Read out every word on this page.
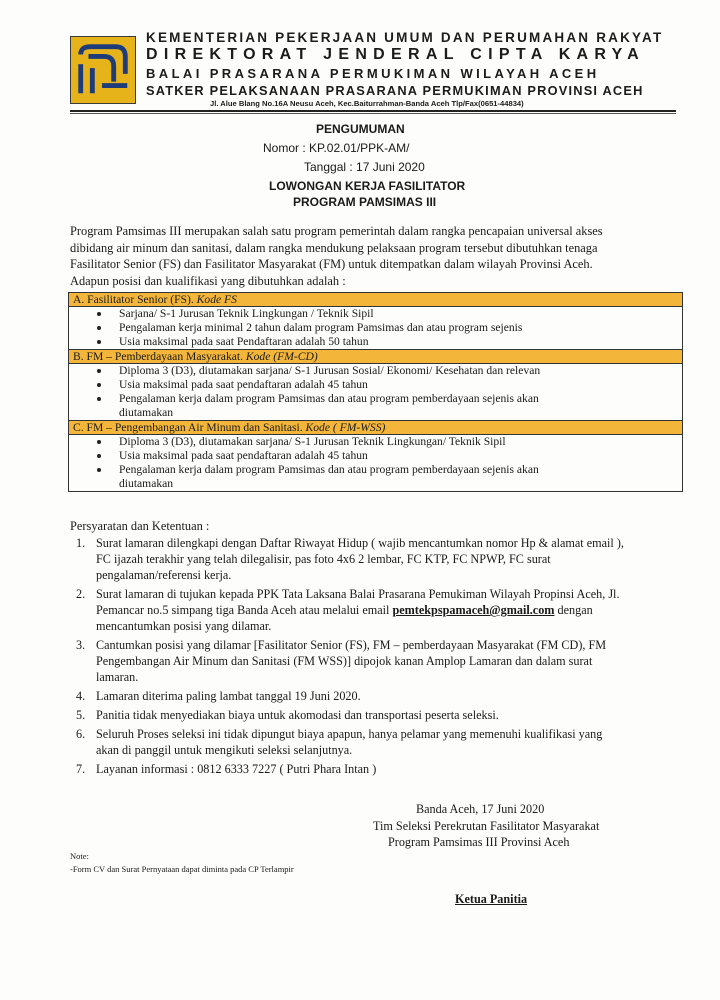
KEMENTERIAN PEKERJAAN UMUM DAN PERUMAHAN RAKYAT
DIREKTORAT JENDERAL CIPTA KARYA
BALAI PRASARANA PERMUKIMAN WILAYAH ACEH
SATKER PELAKSANAAN PRASARANA PERMUKIMAN PROVINSI ACEH
Jl. Alue Blang No.16A Neusu Aceh, Kec.Baiturrahman-Banda Aceh Tlp/Fax(0651-44834)
PENGUMUMAN
Nomor : KP.02.01/PPK-AM/
Tanggal : 17 Juni 2020
LOWONGAN KERJA FASILITATOR
PROGRAM PAMSIMAS III
Program Pamsimas III merupakan salah satu program pemerintah dalam rangka pencapaian universal akses
dibidang air minum dan sanitasi, dalam rangka mendukung pelaksaan program tersebut dibutuhkan tenaga
Fasilitator Senior (FS) dan Fasilitator Masyarakat (FM) untuk ditempatkan dalam wilayah Provinsi Aceh.
Adapun posisi dan kualifikasi yang dibutuhkan adalah :
A. Fasilitator Senior (FS). Kode FS
Sarjana/ S-1 Jurusan Teknik Lingkungan / Teknik Sipil
Pengalaman kerja minimal 2 tahun dalam program Pamsimas dan atau program sejenis
Usia maksimal pada saat Pendaftaran adalah 50 tahun
B. FM – Pemberdayaan Masyarakat. Kode (FM-CD)
Diploma 3 (D3), diutamakan sarjana/ S-1 Jurusan Sosial/ Ekonomi/ Kesehatan dan relevan
Usia maksimal pada saat pendaftaran adalah 45 tahun
Pengalaman kerja dalam program Pamsimas dan atau program pemberdayaan sejenis akan
diutamakan
C. FM – Pengembangan Air Minum dan Sanitasi. Kode ( FM-WSS)
Diploma 3 (D3), diutamakan sarjana/ S-1 Jurusan Teknik Lingkungan/ Teknik Sipil
Usia maksimal pada saat pendaftaran adalah 45 tahun
Pengalaman kerja dalam program Pamsimas dan atau program pemberdayaan sejenis akan
diutamakan
Persyaratan dan Ketentuan :
1. Surat lamaran dilengkapi dengan Daftar Riwayat Hidup ( wajib mencantumkan nomor Hp & alamat email ),
FC ijazah terakhir yang telah dilegalisir, pas foto 4x6 2 lembar, FC KTP, FC NPWP, FC surat
pengalaman/referensi kerja.
2. Surat lamaran di tujukan kepada PPK Tata Laksana Balai Prasarana Pemukiman Wilayah Propinsi Aceh, Jl.
Pemancar no.5 simpang tiga Banda Aceh atau melalui email pemtekpspamaceh@gmail.com dengan
mencantumkan posisi yang dilamar.
3. Cantumkan posisi yang dilamar [Fasilitator Senior (FS), FM – pemberdayaan Masyarakat (FM CD), FM
Pengembangan Air Minum dan Sanitasi (FM WSS)] dipojok kanan Amplop Lamaran dan dalam surat
lamaran.
4. Lamaran diterima paling lambat tanggal 19 Juni 2020.
5. Panitia tidak menyediakan biaya untuk akomodasi dan transportasi peserta seleksi.
6. Seluruh Proses seleksi ini tidak dipungut biaya apapun, hanya pelamar yang memenuhi kualifikasi yang
akan di panggil untuk mengikuti seleksi selanjutnya.
7. Layanan informasi : 0812 6333 7227 ( Putri Phara Intan )
Banda Aceh, 17 Juni 2020
Tim Seleksi Perekrutan Fasilitator Masyarakat
Program Pamsimas III Provinsi Aceh
Ketua Panitia
Note:
-Form CV dan Surat Pernyataan dapat diminta pada CP Terlampir
